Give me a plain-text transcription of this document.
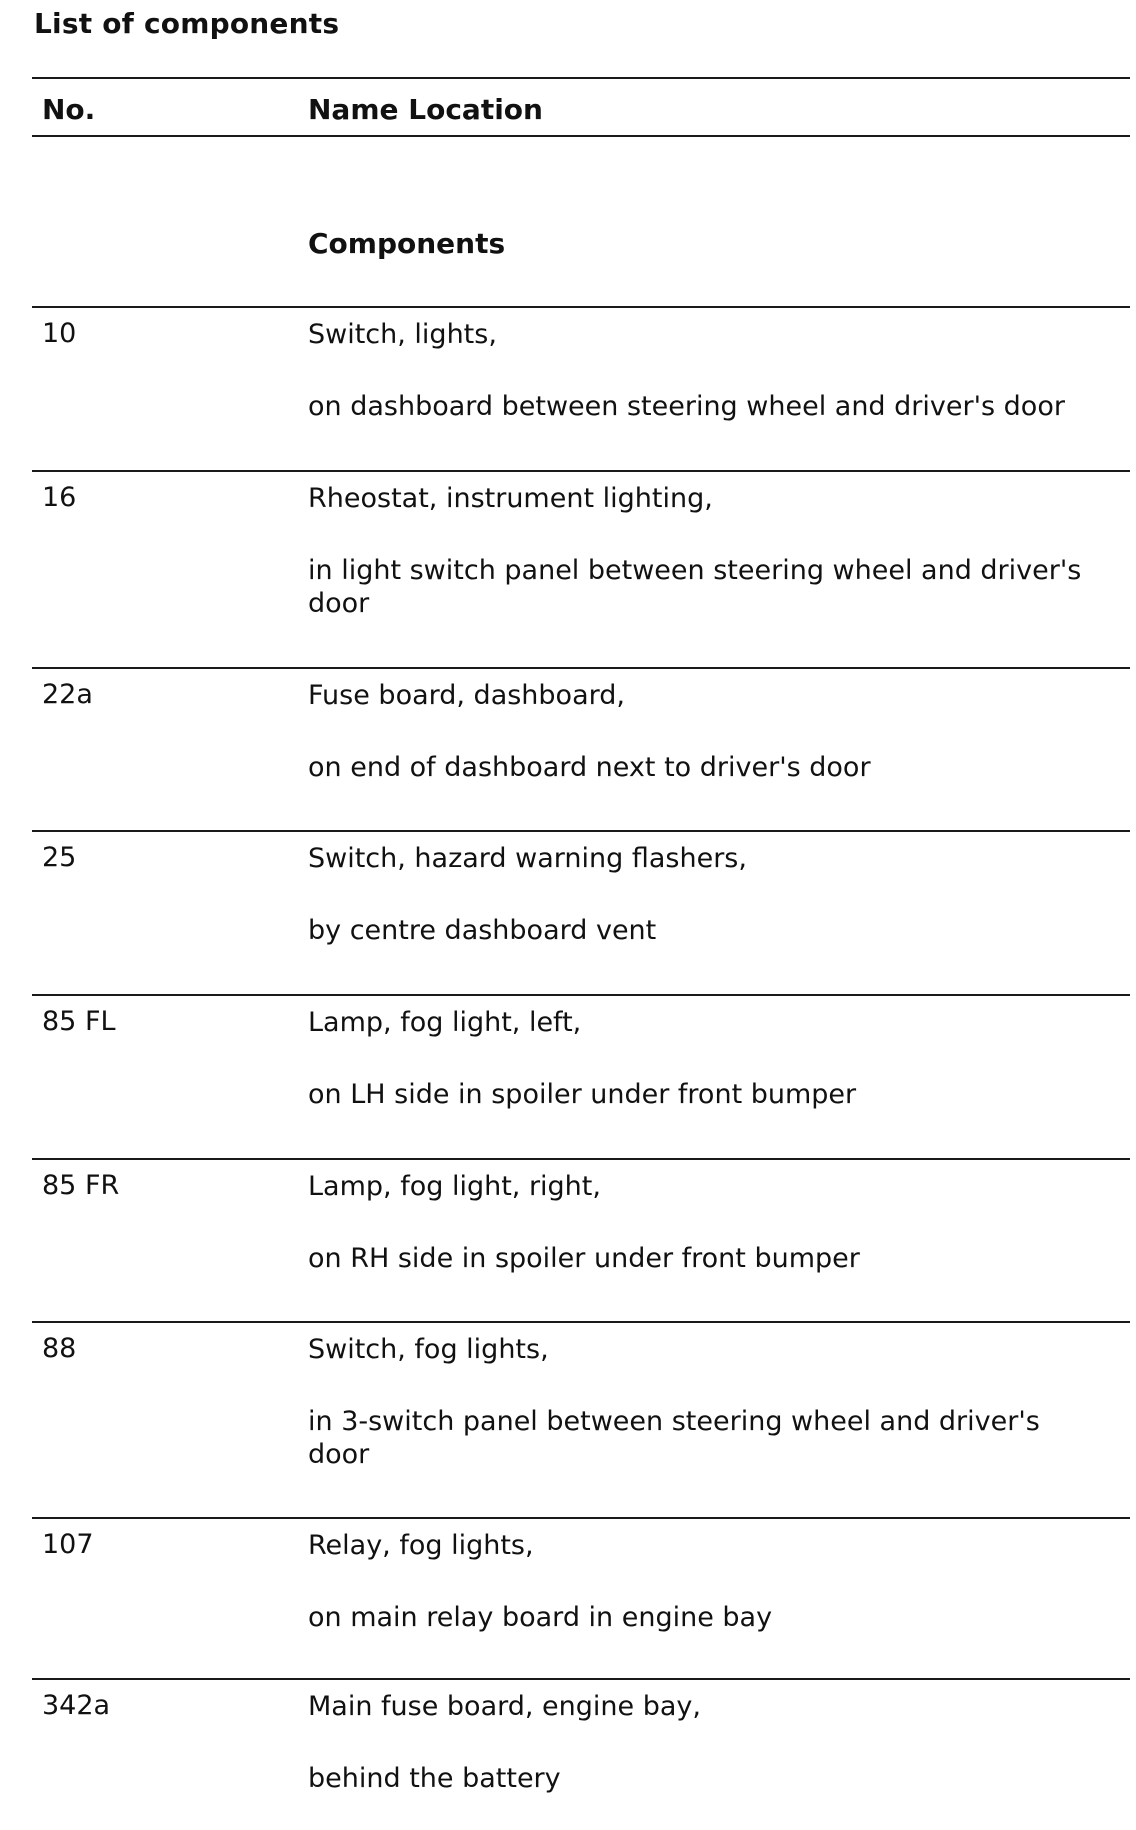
List of components
No.	Name Location
Components
10	Switch, lights,

on dashboard between steering wheel and driver's door

16	Rheostat, instrument lighting,

in light switch panel between steering wheel and driver's door

22a	Fuse board, dashboard,

on end of dashboard next to driver's door

25	Switch, hazard warning flashers,

by centre dashboard vent

85 FL	Lamp, fog light, left,

on LH side in spoiler under front bumper

85 FR	Lamp, fog light, right,

on RH side in spoiler under front bumper

88	Switch, fog lights,

in 3-switch panel between steering wheel and driver's door

107	Relay, fog lights,

on main relay board in engine bay

342a	Main fuse board, engine bay,

behind the battery
